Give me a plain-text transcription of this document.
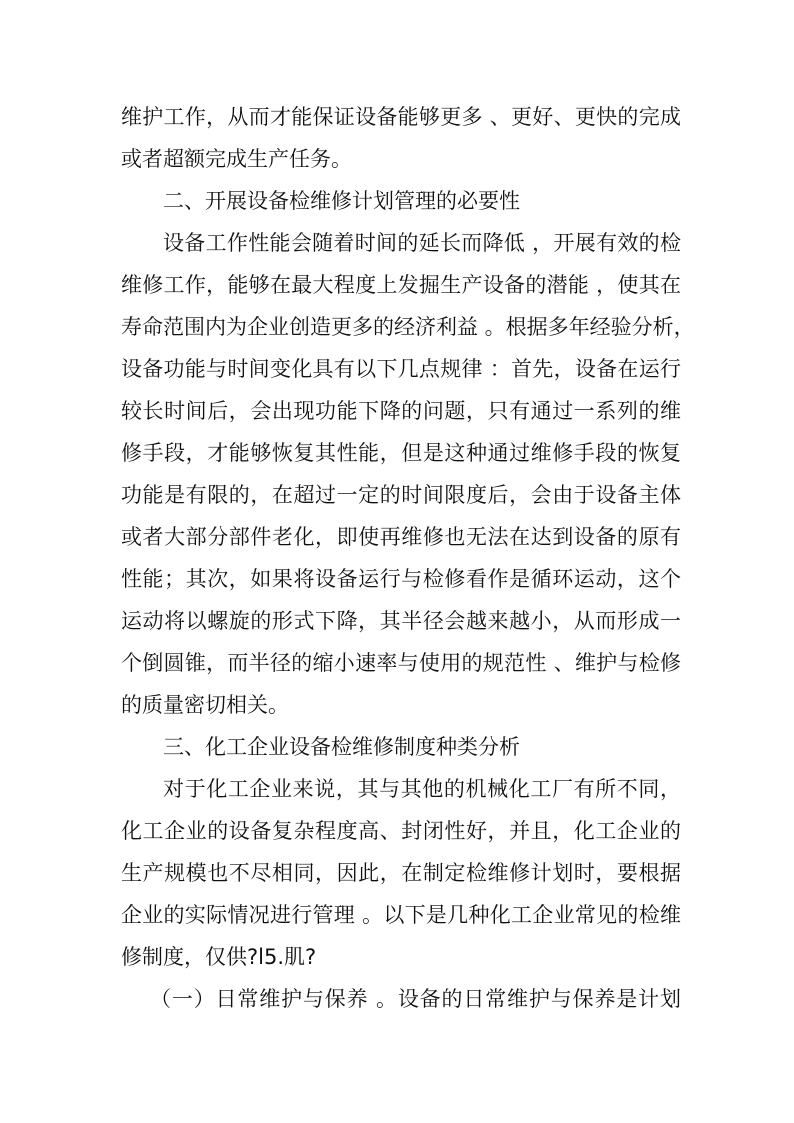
维护工作，从而才能保证设备能够更多 、更好、更快的完成
或者超额完成生产任务。
二、开展设备检维修计划管理的必要性
设备工作性能会随着时间的延长而降低 ，开展有效的检
维修工作，能够在最大程度上发掘生产设备的潜能 ，使其在
寿命范围内为企业创造更多的经济利益 。根据多年经验分析，
设备功能与时间变化具有以下几点规律 ：首先，设备在运行
较长时间后，会出现功能下降的问题，只有通过一系列的维
修手段，才能够恢复其性能，但是这种通过维修手段的恢复
功能是有限的，在超过一定的时间限度后，会由于设备主体
或者大部分部件老化，即使再维修也无法在达到设备的原有
性能；其次，如果将设备运行与检修看作是循环运动，这个
运动将以螺旋的形式下降，其半径会越来越小，从而形成一
个倒圆锥，而半径的缩小速率与使用的规范性 、维护与检修
的质量密切相关。
三、化工企业设备检维修制度种类分析
对于化工企业来说，其与其他的机械化工厂有所不同，
化工企业的设备复杂程度高、封闭性好，并且，化工企业的
生产规模也不尽相同，因此，在制定检维修计划时，要根据
企业的实际情况进行管理 。以下是几种化工企业常见的检维
修制度，仅供?l5.肌?
（一）日常维护与保养 。设备的日常维护与保养是计划
